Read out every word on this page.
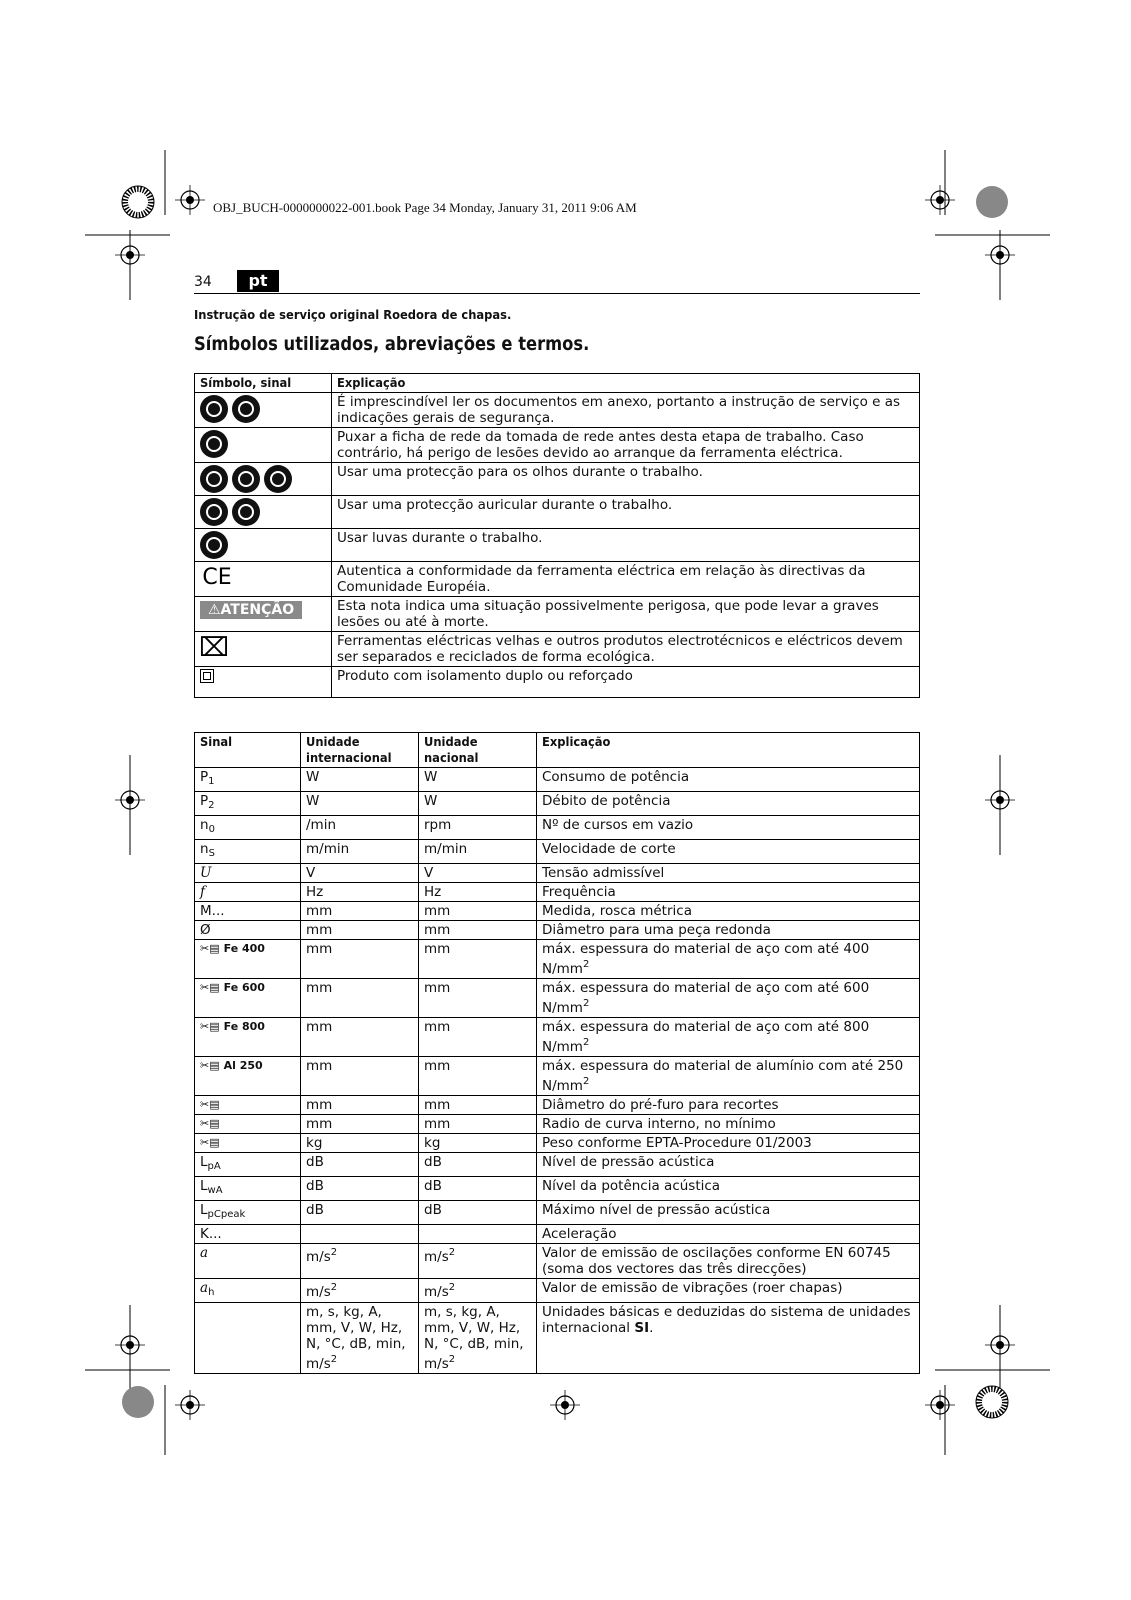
OBJ_BUCH-0000000022-001.book Page 34 Monday, January 31, 2011 9:06 AM
34	pt
Instrução de serviço original Roedora de chapas.
Símbolos utilizados, abreviações e termos.
Símbolo, sinal	Explicação

	É imprescindível ler os documentos em anexo, portanto a instrução de serviço e as indicações gerais de segurança.

	Puxar a ficha de rede da tomada de rede antes desta etapa de trabalho. Caso contrário, há perigo de lesões devido ao arranque da ferramenta eléctrica.

	Usar uma protecção para os olhos durante o trabalho.

	Usar uma protecção auricular durante o trabalho.

	Usar luvas durante o trabalho.

CE	Autentica a conformidade da ferramenta eléctrica em relação às directivas da Comunidade Européia.

⚠ATENÇÃO	Esta nota indica uma situação possivelmente perigosa, que pode levar a graves lesões ou até à morte.

⌧	Ferramentas eléctricas velhas e outros produtos electrotécnicos e eléctricos devem ser separados e reciclados de forma ecológica.

	Produto com isolamento duplo ou reforçado
Sinal	Unidade internacional	Unidade nacional	Explicação
$P_1$	W	W	Consumo de potência
$P_2$	W	W	Débito de potência
$n_0$	/min	rpm	Nº de cursos em vazio
$n_S$	m/min	m/min	Velocidade de corte
U	V	V	Tensão admissível
f	Hz	Hz	Frequência
M...	mm	mm	Medida, rosca métrica
Ø	mm	mm	Diâmetro para uma peça redonda

✂▤ Fe 400	mm	mm	máx. espessura do material de aço com até 400 $N/mm^2$

✂▤ Fe 600	mm	mm	máx. espessura do material de aço com até 600 $N/mm^2$

✂▤ Fe 800	mm	mm	máx. espessura do material de aço com até 800 $N/mm^2$

✂▤ Al 250	mm	mm	máx. espessura do material de alumínio com até 250 $N/mm^2$

✂▤	mm	mm	Diâmetro do pré-furo para recortes

✂▤	mm	mm	Radio de curva interno, no mínimo

✂▤	kg	kg	Peso conforme EPTA-Procedure 01/2003
$L_{pA}$	dB	dB	Nível de pressão acústica
$L_{wA}$	dB	dB	Nível da potência acústica
$L_{pCpeak}$	dB	dB	Máximo nível de pressão acústica
K...			Aceleração
a	$m/s^2$	$m/s^2$	Valor de emissão de oscilações conforme EN 60745 (soma dos vectores das três direcções)
$a_h$	$m/s^2$	$m/s^2$	Valor de emissão de vibrações (roer chapas)
	m, s, kg, A, mm, V, W, Hz, N, °C, dB, min, $m/s^2$	m, s, kg, A, mm, V, W, Hz, N, °C, dB, min, $m/s^2$	Unidades básicas e deduzidas do sistema de unidades internacional SI.
